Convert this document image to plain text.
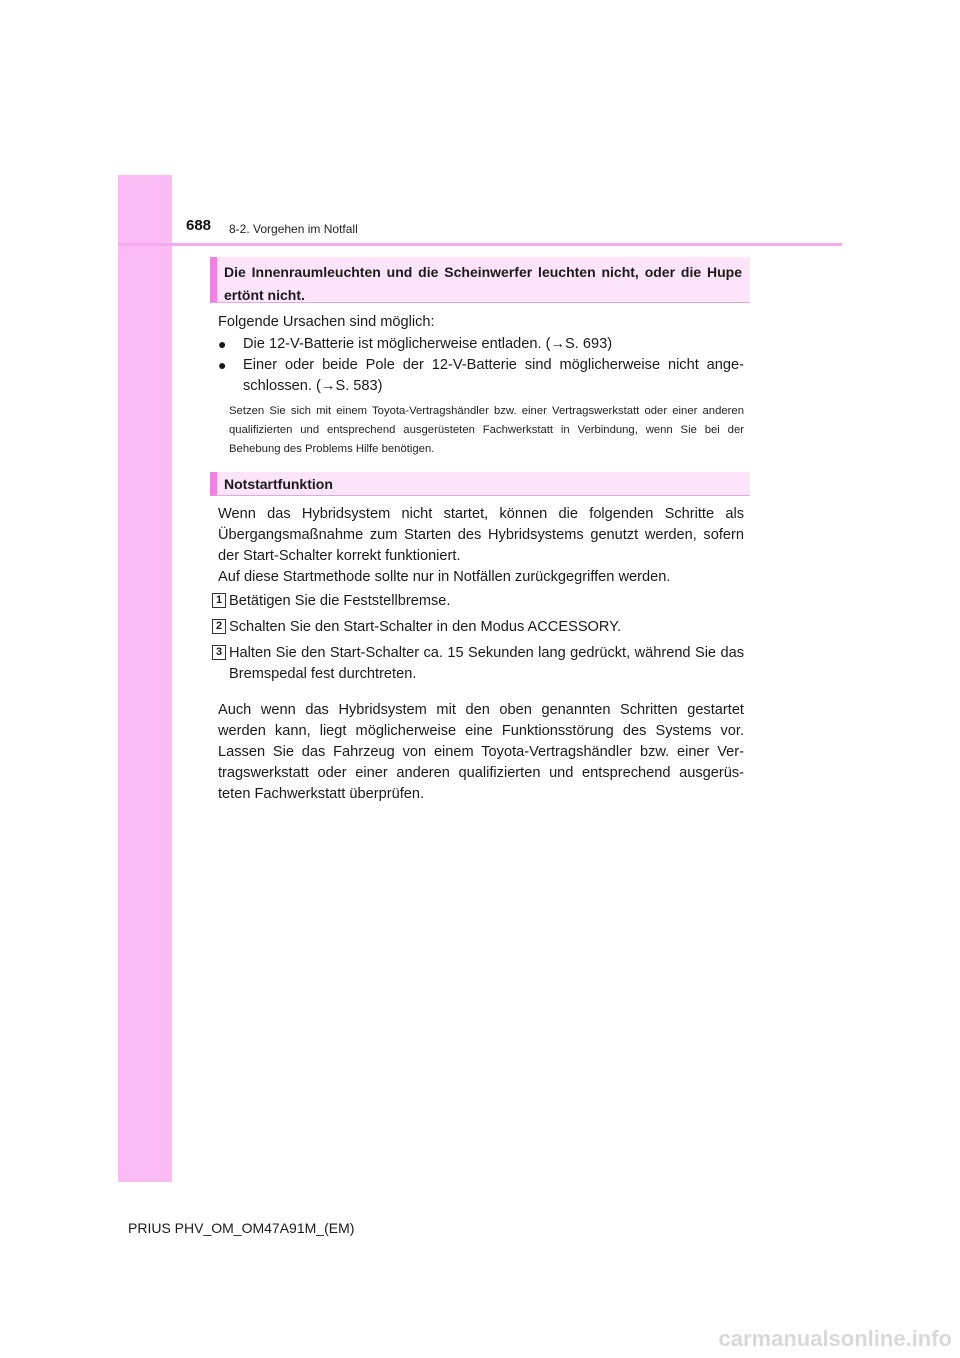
688 8-2. Vorgehen im Notfall
Die Innenraumleuchten und die Scheinwerfer leuchten nicht, oder die Hupe ertönt nicht.
Folgende Ursachen sind möglich:
● Die 12-V-Batterie ist möglicherweise entladen. (→S. 693)
● Einer oder beide Pole der 12-V-Batterie sind möglicherweise nicht ange-schlossen. (→S. 583)
Setzen Sie sich mit einem Toyota-Vertragshändler bzw. einer Vertragswerkstatt oder einer anderen qualifizierten und entsprechend ausgerüsteten Fachwerkstatt in Verbindung, wenn Sie bei der Behebung des Problems Hilfe benötigen.
Notstartfunktion
Wenn das Hybridsystem nicht startet, können die folgenden Schritte als Übergangsmaßnahme zum Starten des Hybridsystems genutzt werden, sofern der Start-Schalter korrekt funktioniert.
Auf diese Startmethode sollte nur in Notfällen zurückgegriffen werden.
1 Betätigen Sie die Feststellbremse.
2 Schalten Sie den Start-Schalter in den Modus ACCESSORY.
3 Halten Sie den Start-Schalter ca. 15 Sekunden lang gedrückt, während Sie das Bremspedal fest durchtreten.
Auch wenn das Hybridsystem mit den oben genannten Schritten gestartet werden kann, liegt möglicherweise eine Funktionsstörung des Systems vor. Lassen Sie das Fahrzeug von einem Toyota-Vertragshändler bzw. einer Ver-tragswerkstatt oder einer anderen qualifizierten und entsprechend ausgerüs-teten Fachwerkstatt überprüfen.
PRIUS PHV_OM_OM47A91M_(EM)
carmanualsonline.info
